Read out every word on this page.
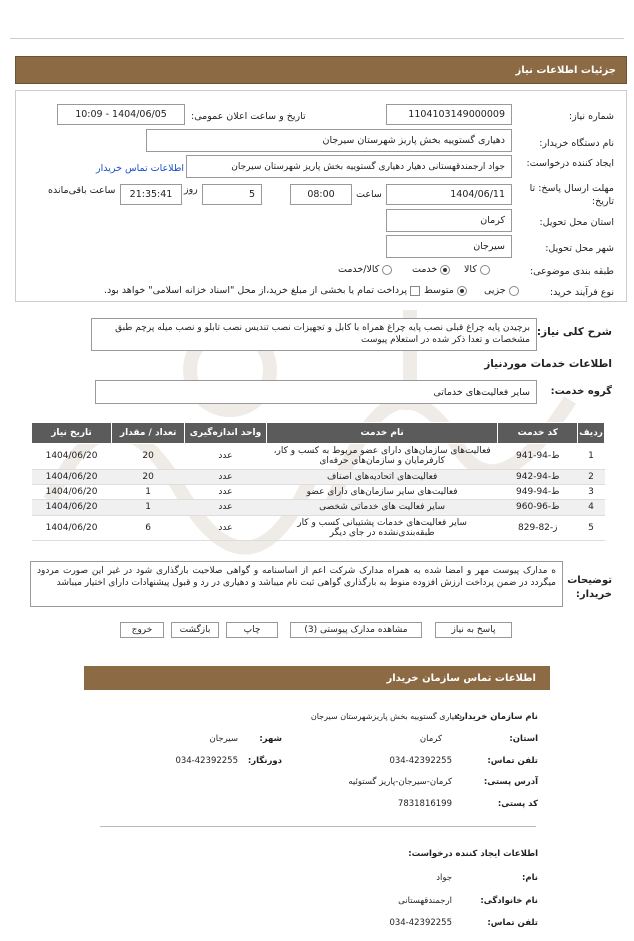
جزئیات اطلاعات نیاز
شماره نیاز:
1104103149000009
تاریخ و ساعت اعلان عمومی:
1404/06/05 - 10:09
نام دستگاه خریدار:
دهیاری گستوییه بخش پاریز شهرستان سیرجان
ایجاد کننده درخواست:
جواد ارجمندقهستانی دهیار دهیاری گستوییه بخش پاریز شهرستان سیرجان
اطلاعات تماس خریدار
مهلت ارسال پاسخ: تا تاریخ:
1404/06/11
ساعت
08:00
5
روز
21:35:41
ساعت باقی‌مانده
استان محل تحویل:
کرمان
شهر محل تحویل:
سیرجان
طبقه بندی موضوعی:
کالا
خدمت
کالا/خدمت
نوع فرآیند خرید:
جزیی
متوسط
پرداخت تمام یا بخشی از مبلغ خرید،از محل "اسناد خزانه اسلامی" خواهد بود.
شرح کلی نیاز:
برچیدن پایه چراغ قبلی نصب پایه چراغ همراه با کابل و تجهیزات نصب تندیس نصب تابلو و نصب میله پرچم طبق مشخصات و تعدا ذکر شده در استعلام پیوست
اطلاعات خدمات موردنیاز
گروه خدمت:
سایر فعالیت‌های خدماتی
ردیف	کد خدمت	نام خدمت	واحد اندازه‌گیری	تعداد / مقدار	تاریخ نیاز
1	ط-94-941	فعالیت‌های سازمان‌های دارای عضو مربوط به کسب و کار، کارفرمایان و سازمان‌های حرفه‌ای	عدد	20	1404/06/20
2	ط-94-942	فعالیت‌های اتحادیه‌های اصناف	عدد	20	1404/06/20
3	ط-94-949	فعالیت‌های سایر سازمان‌های دارای عضو	عدد	1	1404/06/20
4	ط-96-960	سایر فعالیت های خدماتی شخصی	عدد	1	1404/06/20
5	ز-82-829	سایر فعالیت‌های خدمات پشتیبانی کسب و کار طبقه‌بندی‌نشده در جای دیگر	عدد	6	1404/06/20
توضیحات خریدار:
ه مدارک پیوست مهر و امضا شده به همراه مدارک شرکت اعم از اساسنامه و گواهی صلاحیت بارگذاری شود در غیر این صورت مردود میگردد در ضمن پرداخت ارزش افزوده منوط به بارگذاری گواهی ثبت نام میباشد و دهیاری در رد و قبول پیشنهادات دارای اختیار میباشد
پاسخ به نیاز
مشاهده مدارک پیوستی (3)
چاپ
بازگشت
خروج
اطلاعات تماس سازمان خریدار
نام سازمان خریدار:
دهیاری گستوییه بخش پاریزشهرستان سیرجان
استان:
کرمان
شهر:
سیرجان
تلفن تماس:
034-42392255
دورنگار:
034-42392255
آدرس پستی:
کرمان-سیرجان-پاریز گستوئیه
کد پستی:
7831816199
اطلاعات ایجاد کننده درخواست:
نام:
جواد
نام خانوادگی:
ارجمندقهستانی
تلفن تماس:
034-42392255
